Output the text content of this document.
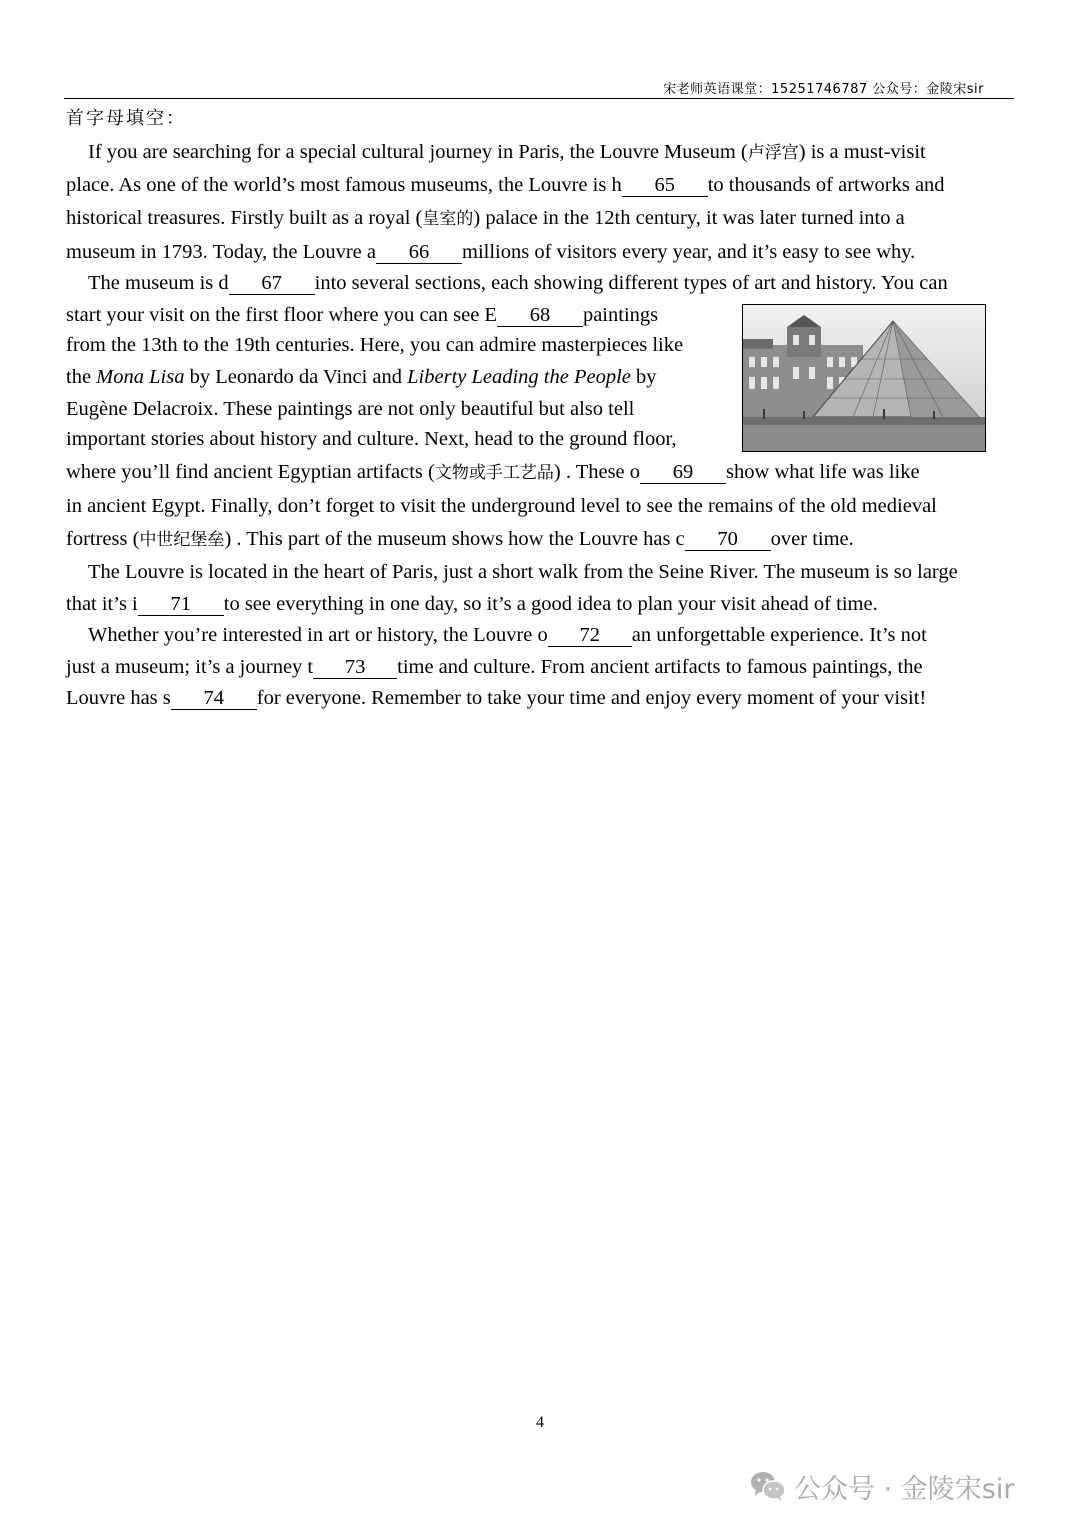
宋老师英语课堂：15251746787 公众号：金陵宋sir
首字母填空：
If you are searching for a special cultural journey in Paris, the Louvre Museum (卢浮宫) is a must-visit
place. As one of the world’s most famous museums, the Louvre is h 65 to thousands of artworks and
historical treasures. Firstly built as a royal (皇室的) palace in the 12th century, it was later turned into a
museum in 1793. Today, the Louvre a 66 millions of visitors every year, and it’s easy to see why.
The museum is d 67 into several sections, each showing different types of art and history. You can
start your visit on the first floor where you can see E 68 paintings
from the 13th to the 19th centuries. Here, you can admire masterpieces like
the Mona Lisa by Leonardo da Vinci and Liberty Leading the People by
Eugène Delacroix. These paintings are not only beautiful but also tell
important stories about history and culture. Next, head to the ground floor,
where you’ll find ancient Egyptian artifacts (文物或手工艺品) . These o 69 show what life was like
in ancient Egypt. Finally, don’t forget to visit the underground level to see the remains of the old medieval
fortress (中世纪堡垒) . This part of the museum shows how the Louvre has c 70 over time.
The Louvre is located in the heart of Paris, just a short walk from the Seine River. The museum is so large
that it’s i 71 to see everything in one day, so it’s a good idea to plan your visit ahead of time.
Whether you’re interested in art or history, the Louvre o 72 an unforgettable experience. It’s not
just a museum; it’s a journey t 73 time and culture. From ancient artifacts to famous paintings, the
Louvre has s 74 for everyone. Remember to take your time and enjoy every moment of your visit!
4
公众号 · 金陵宋sir
